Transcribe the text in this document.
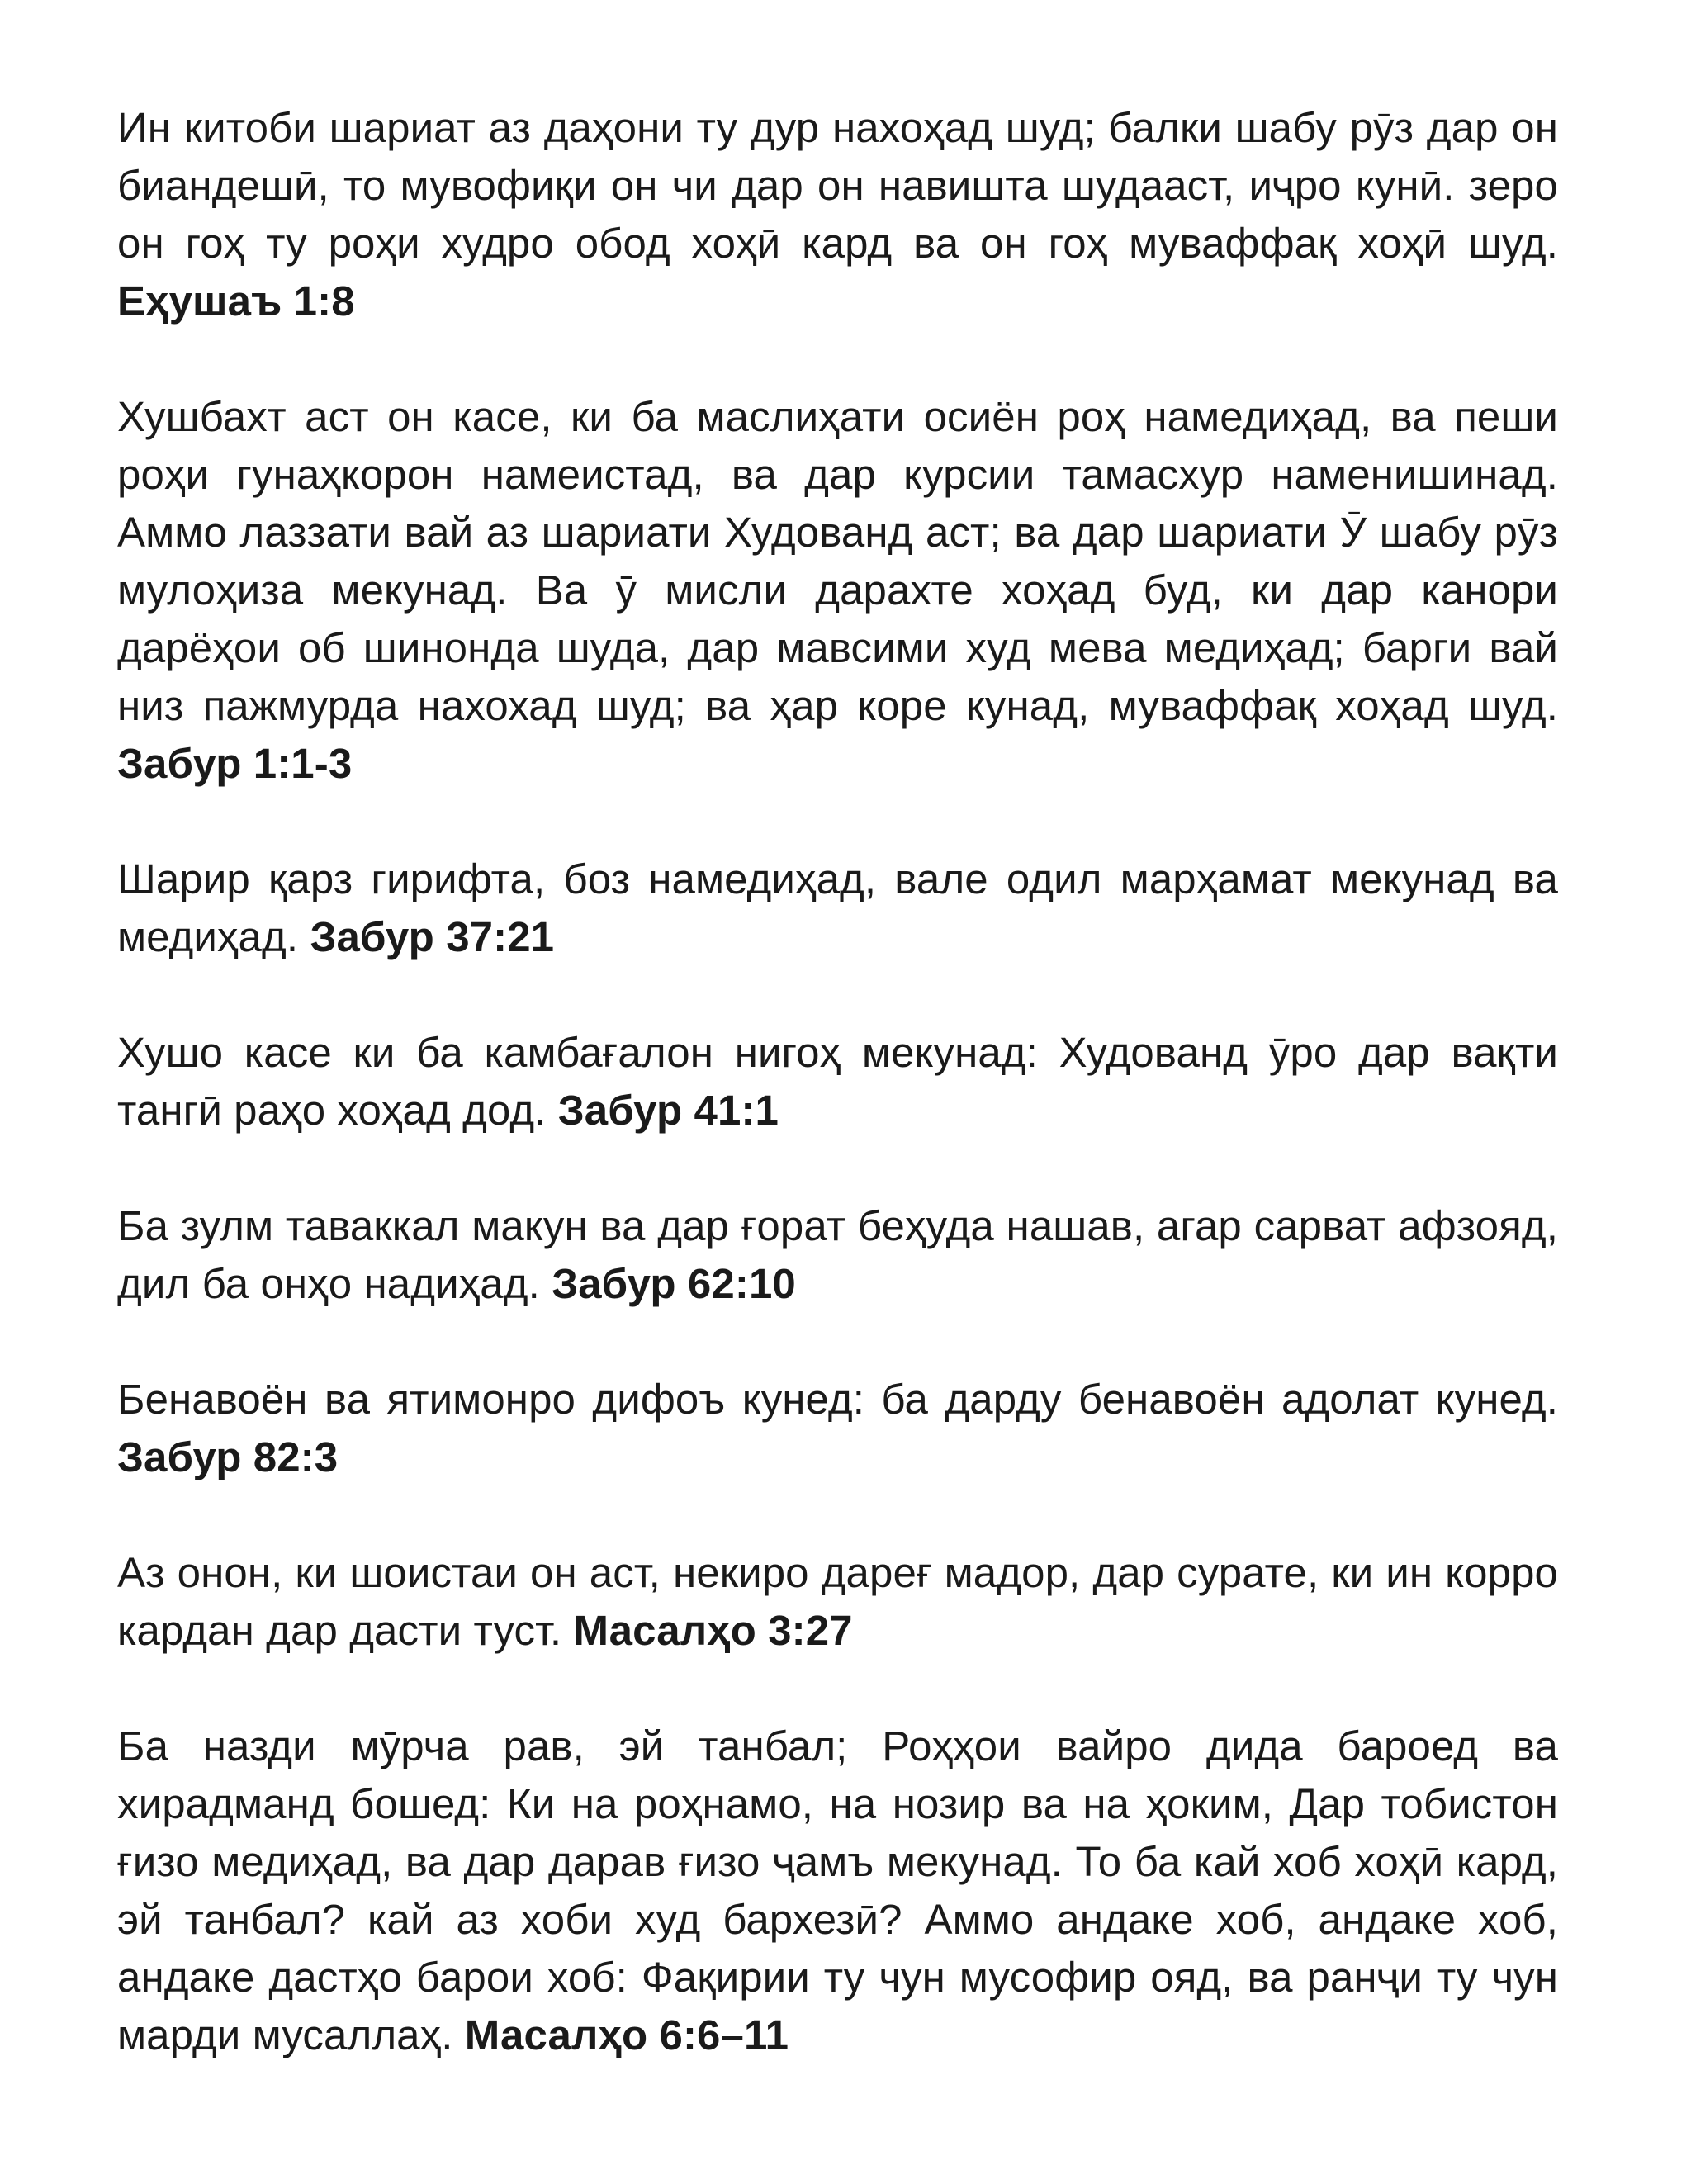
Ин китоби шариат аз даҳони ту дур нахоҳад шуд; балки шабу рӯз дар он биандешӣ, то мувофиқи он чи дар он навишта шудааст, иҷро кунӣ. зеро он гоҳ ту роҳи худро обод хоҳӣ кард ва он гоҳ муваффақ хоҳӣ шуд. Еҳушаъ 1:8

Хушбахт аст он касе, ки ба маслиҳати осиён роҳ намедиҳад, ва пеши роҳи гунаҳкорон намеистад, ва дар курсии тамасхур наменишинад. Аммо лаззати вай аз шариати Худованд аст; ва дар шариати Ӯ шабу рӯз мулоҳиза мекунад. Ва ӯ мисли дарахте хоҳад буд, ки дар канори дарёҳои об шинонда шуда, дар мавсими худ мева медиҳад; барги вай низ пажмурда нахохад шуд; ва ҳар коре кунад, муваффақ хоҳад шуд. Забур 1:1-3

Шарир қарз гирифта, боз намедиҳад, вале одил марҳамат мекунад ва медиҳад. Забур 37:21

Хушо касе ки ба камбағалон нигоҳ мекунад: Худованд ӯро дар вақти тангӣ раҳо хоҳад дод. Забур 41:1

Ба зулм таваккал макун ва дар ғорат беҳуда нашав, агар сарват афзояд, дил ба онҳо надиҳад. Забур 62:10

Бенавоён ва ятимонро дифоъ кунед: ба дарду бенавоён адолат кунед. Забур 82:3

Аз онон, ки шоистаи он аст, некиро дареғ мадор, дар сурате, ки ин корро кардан дар дасти туст. Масалҳо 3:27

Ба назди мӯрча рав, эй танбал; Роҳҳои вайро дида бароед ва хирадманд бошед: Ки на роҳнамо, на нозир ва на ҳоким, Дар тобистон ғизо медиҳад, ва дар дарав ғизо ҷамъ мекунад. То ба кай хоб хоҳӣ кард, эй танбал? кай аз хоби худ бархезӣ? Аммо андаке хоб, андаке хоб, андаке дастҳо барои хоб: Фақирии ту чун мусофир ояд, ва ранҷи ту чун марди мусаллаҳ. Масалҳо 6:6–11
